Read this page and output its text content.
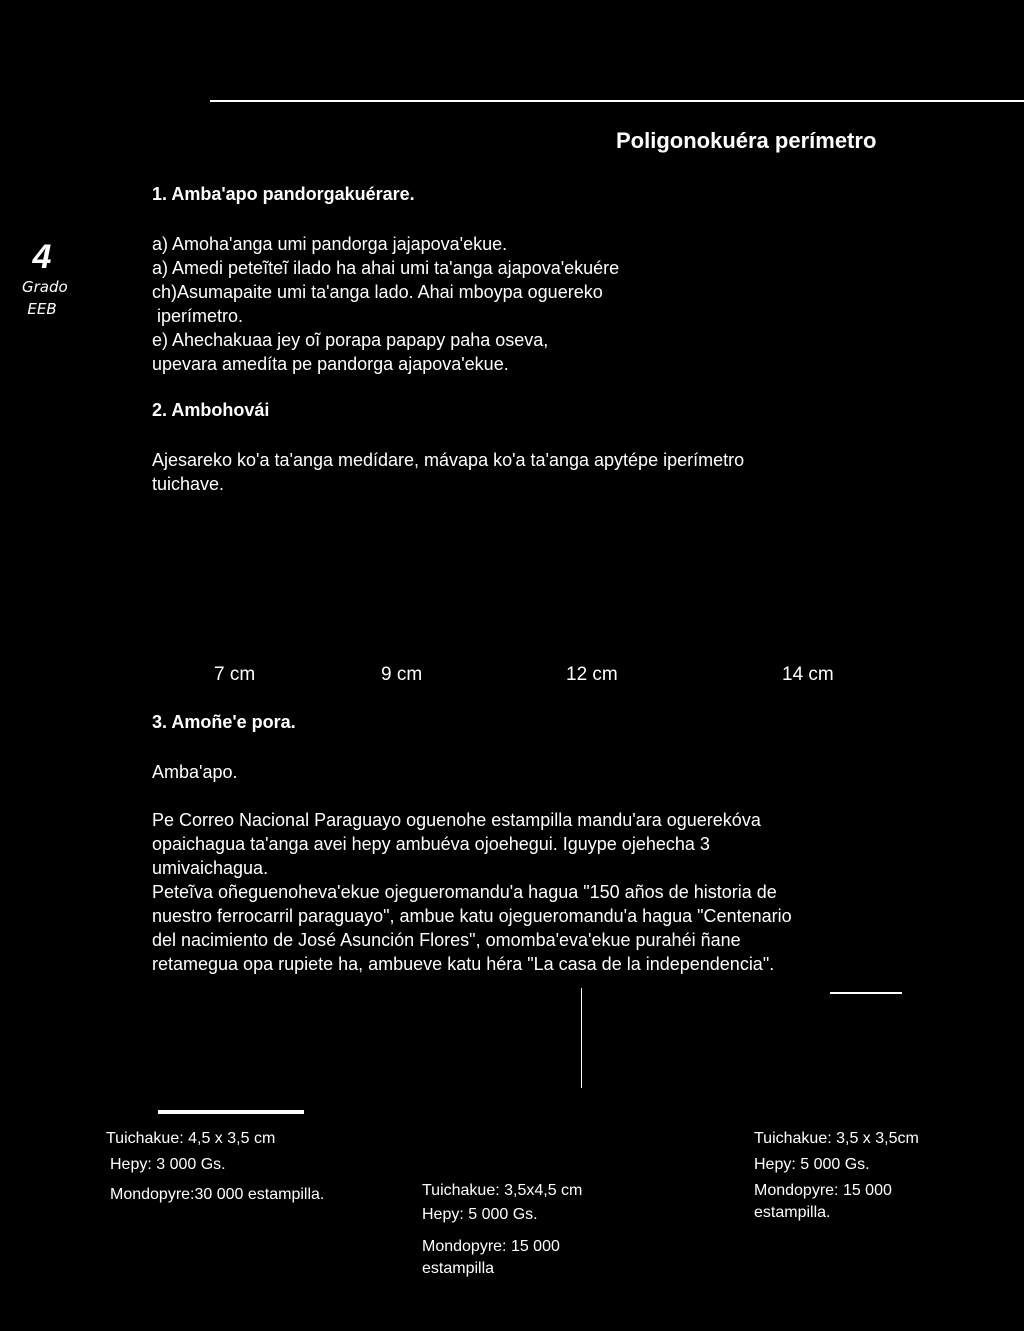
Poligonokuéra perímetro
4
Grado
EEB
1. Amba'apo pandorgakuérare.
a) Amoha'anga umi pandorga jajapova'ekue.
a) Amedi peteĩteĩ ilado ha ahai umi ta'anga ajapova'ekuére
ch)Asumapaite umi ta'anga lado. Ahai mboypa oguereko
iperímetro.
e) Ahechakuaa jey oĩ porapa papapy paha oseva,
upevara amedíta pe pandorga ajapova'ekue.
2. Ambohovái
Ajesareko ko'a ta'anga medídare, mávapa ko'a ta'anga apytépe iperímetro
tuichave.
7 cm	9 cm	12 cm	14 cm
3. Amoñe'e pora.
Amba'apo.
Pe Correo Nacional Paraguayo oguenohe estampilla mandu'ara oguerekóva
opaichagua ta'anga avei hepy ambuéva ojoehegui. Iguype ojehecha 3
umivaichagua.
Peteĩva oñeguenoheva'ekue ojegueromandu'a hagua "150 años de historia de
nuestro ferrocarril paraguayo", ambue katu ojegueromandu'a hagua "Centenario
del nacimiento de José Asunción Flores", omomba'eva'ekue purahéi ñane
retamegua opa rupiete ha, ambueve katu héra "La casa de la independencia".
Tuichakue: 4,5 x 3,5 cm
Hepy: 3 000 Gs.
Mondopyre:30 000 estampilla.	Tuichakue: 3,5x4,5 cm
Hepy: 5 000 Gs.
Mondopyre: 15 000
estampilla
Tuichakue: 3,5 x 3,5cm
Hepy: 5 000 Gs.
Mondopyre: 15 000
estampilla.
